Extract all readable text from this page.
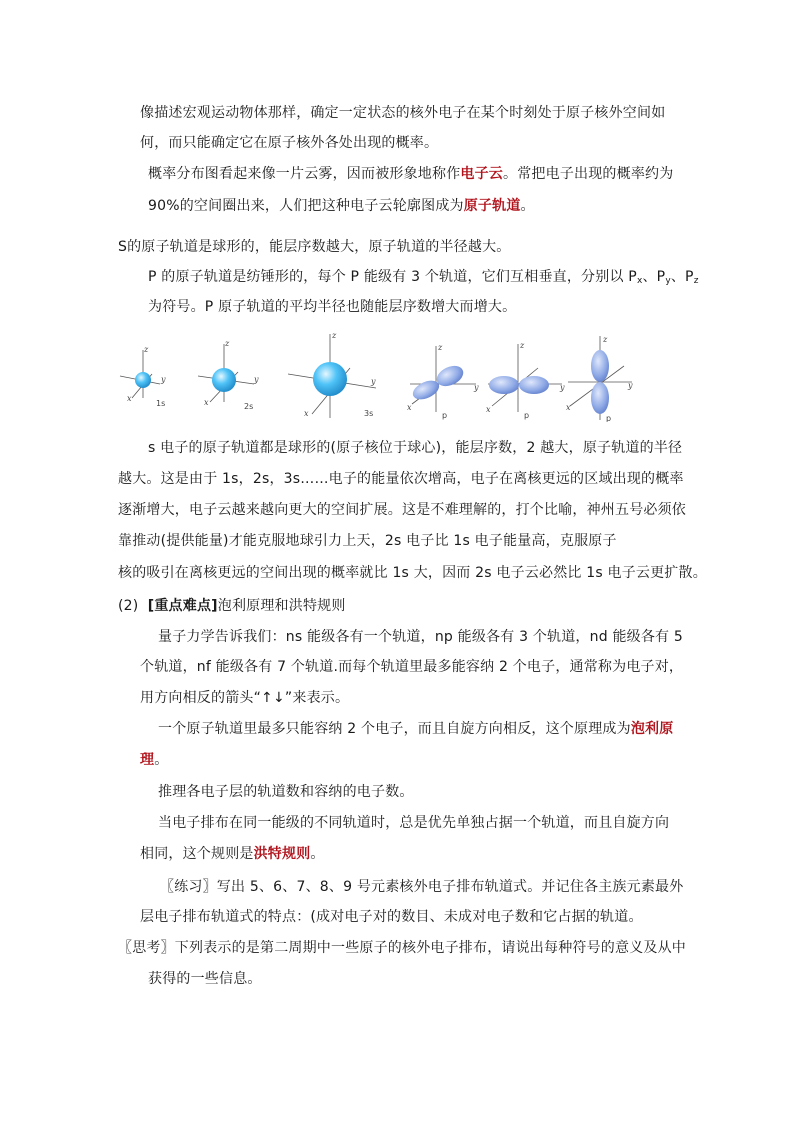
像描述宏观运动物体那样，确定一定状态的核外电子在某个时刻处于原子核外空间如
何，而只能确定它在原子核外各处出现的概率。
概率分布图看起来像一片云雾，因而被形象地称作电子云。常把电子出现的概率约为
90%的空间圈出来，人们把这种电子云轮廓图成为原子轨道。
S的原子轨道是球形的，能层序数越大，原子轨道的半径越大。
P 的原子轨道是纺锤形的，每个 P 能级有 3 个轨道，它们互相垂直，分别以 $P_x$、$P_y$、$P_z$
为符号。P 原子轨道的平均半径也随能层序数增大而增大。
z
y
x
1s
z
y
x	2s
z
y
x	3s
z
y
x
p
z
y
x
p
z
y
x
p
s 电子的原子轨道都是球形的(原子核位于球心)，能层序数，2 越大，原子轨道的半径
越大。这是由于 1s，2s，3s……电子的能量依次增高，电子在离核更远的区域出现的概率
逐渐增大，电子云越来越向更大的空间扩展。这是不难理解的，打个比喻，神州五号必须依
靠推动(提供能量)才能克服地球引力上天，2s 电子比 1s 电子能量高，克服原子
核的吸引在离核更远的空间出现的概率就比 1s 大，因而 2s 电子云必然比 1s 电子云更扩散。
(2) [重点难点]泡利原理和洪特规则
量子力学告诉我们：ns 能级各有一个轨道，np 能级各有 3 个轨道，nd 能级各有 5
个轨道，nf 能级各有 7 个轨道.而每个轨道里最多能容纳 2 个电子，通常称为电子对，
用方向相反的箭头“↑↓”来表示。
一个原子轨道里最多只能容纳 2 个电子，而且自旋方向相反，这个原理成为泡利原
理。
推理各电子层的轨道数和容纳的电子数。
当电子排布在同一能级的不同轨道时，总是优先单独占据一个轨道，而且自旋方向
相同，这个规则是洪特规则。
〖练习〗写出 5、6、7、8、9 号元素核外电子排布轨道式。并记住各主族元素最外
层电子排布轨道式的特点：(成对电子对的数目、未成对电子数和它占据的轨道。
〖思考〗下列表示的是第二周期中一些原子的核外电子排布，请说出每种符号的意义及从中
获得的一些信息。
